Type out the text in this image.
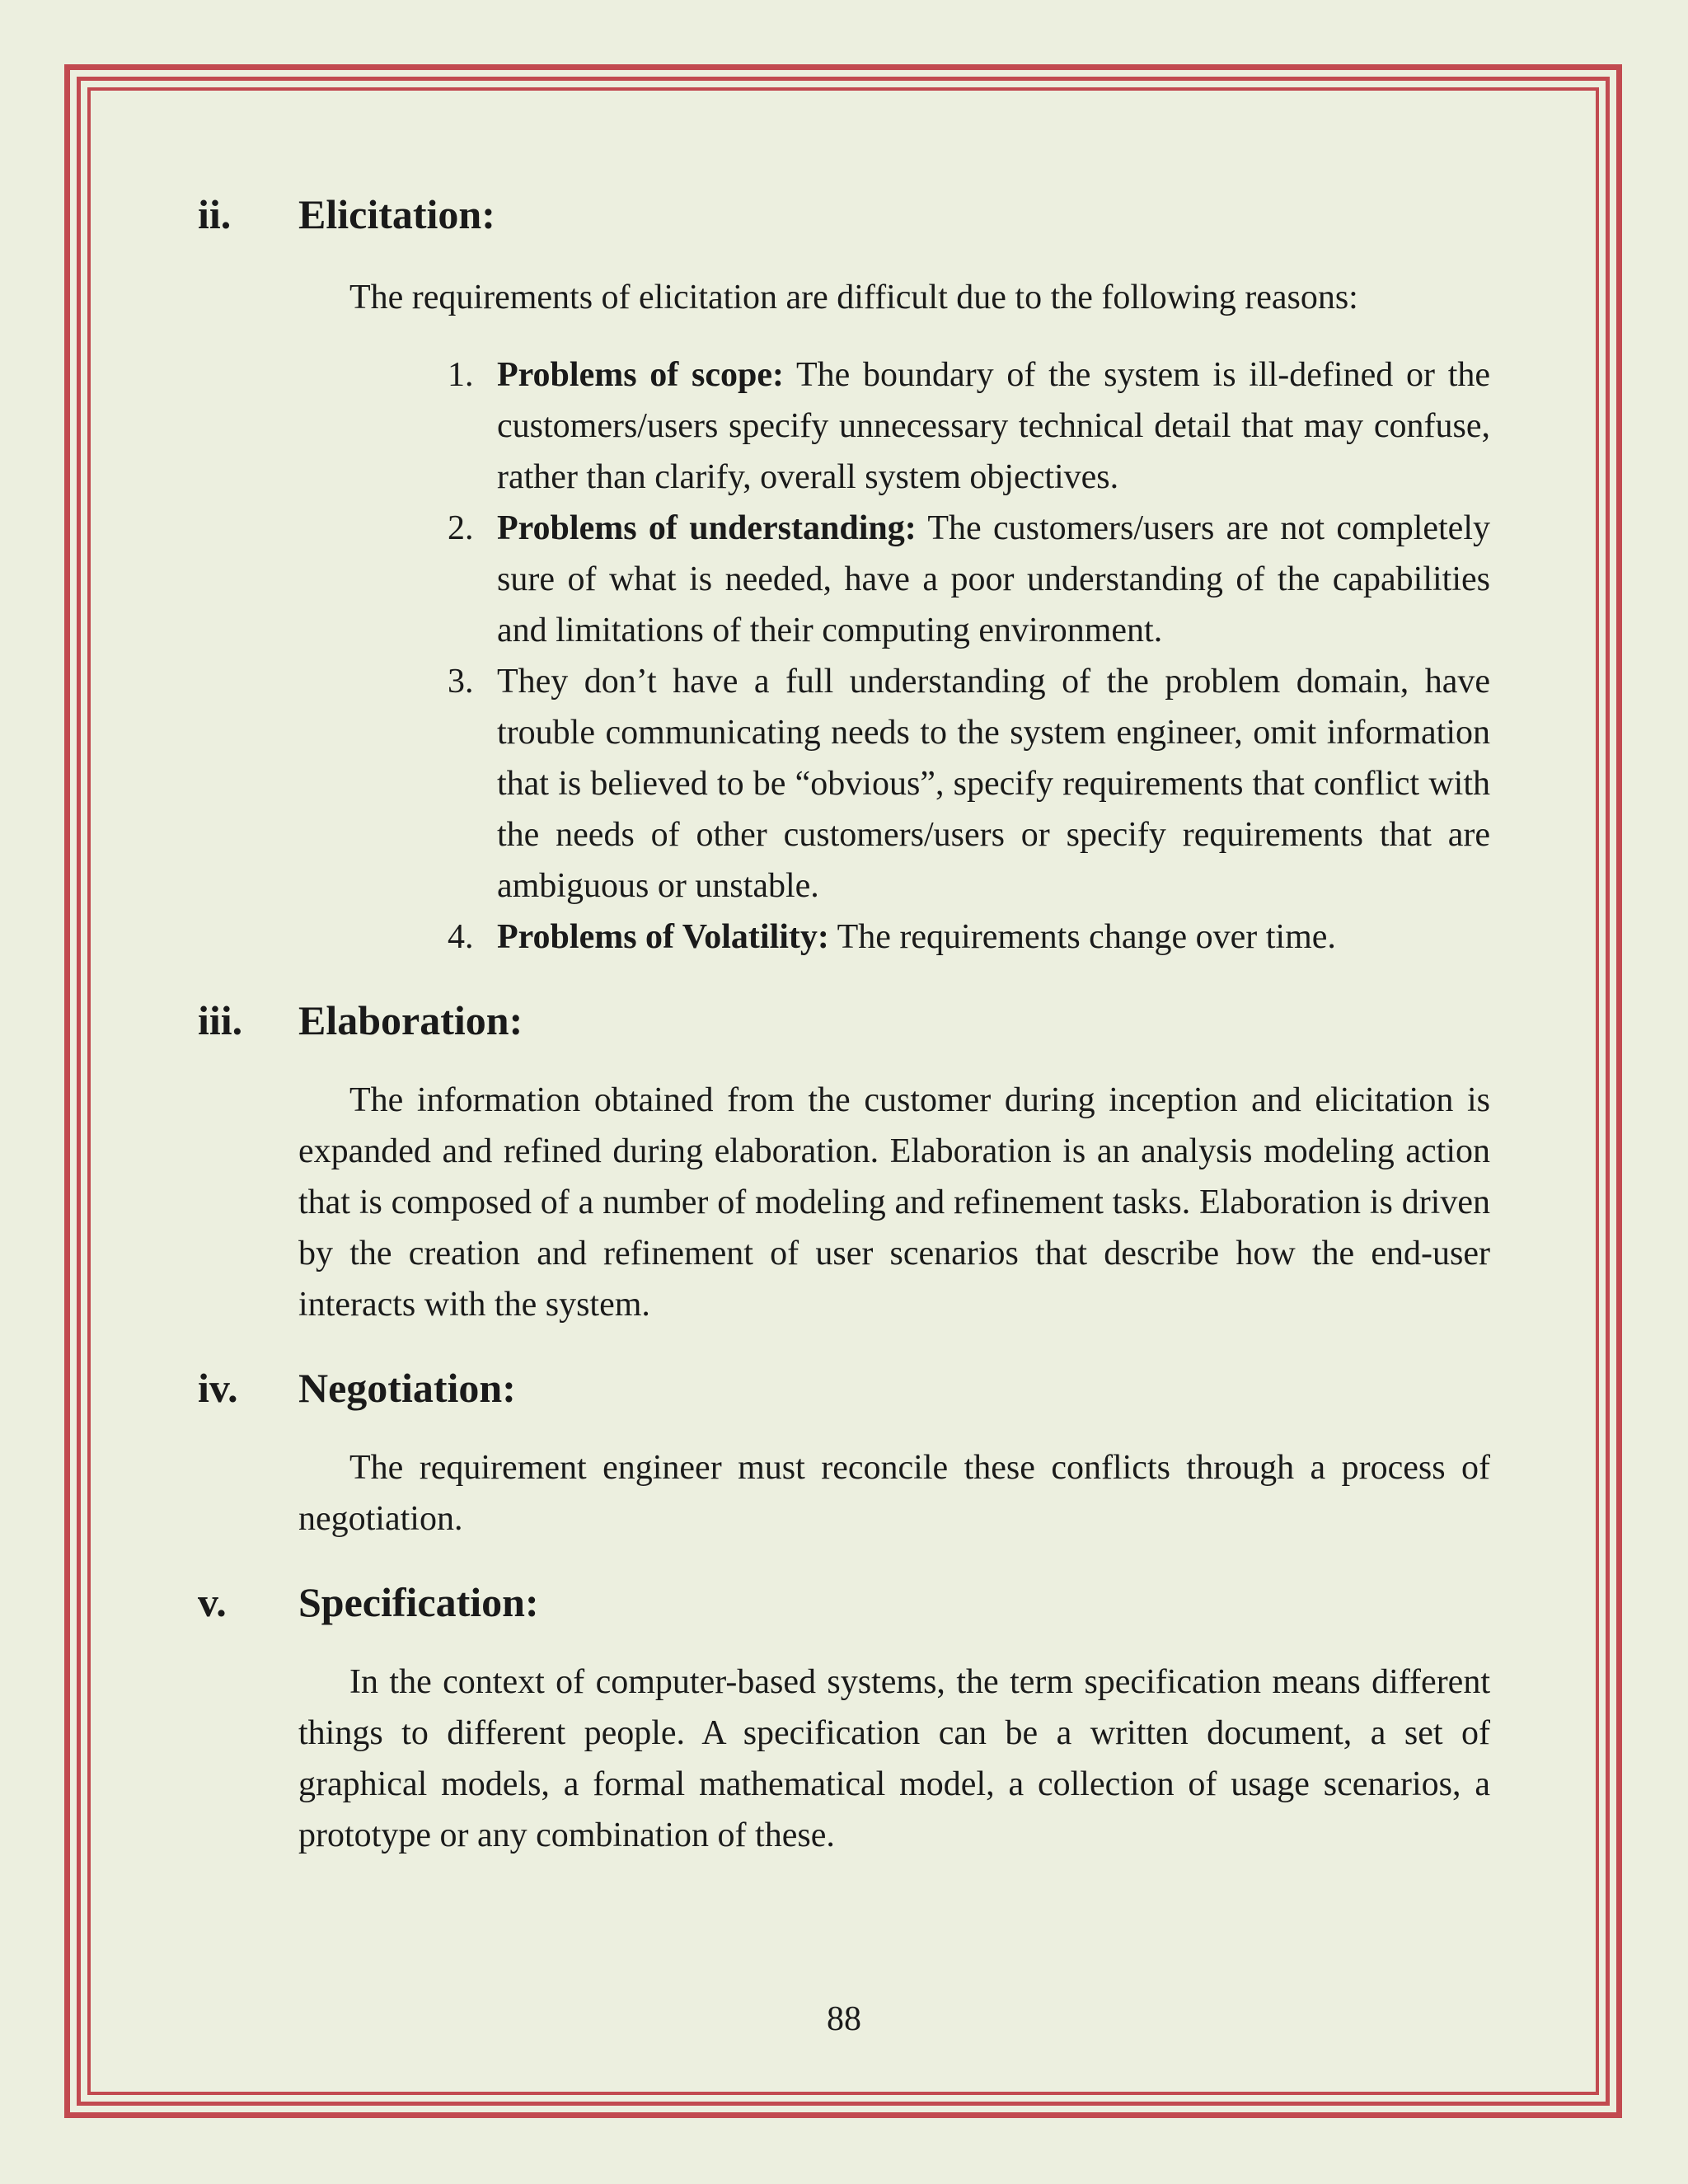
ii. Elicitation:
The requirements of elicitation are difficult due to the following reasons:
1. Problems of scope: The boundary of the system is ill-defined or the customers/users specify unnecessary technical detail that may confuse, rather than clarify, overall system objectives.
2. Problems of understanding: The customers/users are not completely sure of what is needed, have a poor understanding of the capabilities and limitations of their computing environment.
3. They don’t have a full understanding of the problem domain, have trouble communicating needs to the system engineer, omit information that is believed to be “obvious”, specify requirements that conflict with the needs of other customers/users or specify requirements that are ambiguous or unstable.
4. Problems of Volatility: The requirements change over time.
iii. Elaboration:
The information obtained from the customer during inception and elicitation is expanded and refined during elaboration. Elaboration is an analysis modeling action that is composed of a number of modeling and refinement tasks. Elaboration is driven by the creation and refinement of user scenarios that describe how the end-user interacts with the system.
iv. Negotiation:
The requirement engineer must reconcile these conflicts through a process of negotiation.
v. Specification:
In the context of computer-based systems, the term specification means different things to different people. A specification can be a written document, a set of graphical models, a formal mathematical model, a collection of usage scenarios, a prototype or any combination of these.
88
